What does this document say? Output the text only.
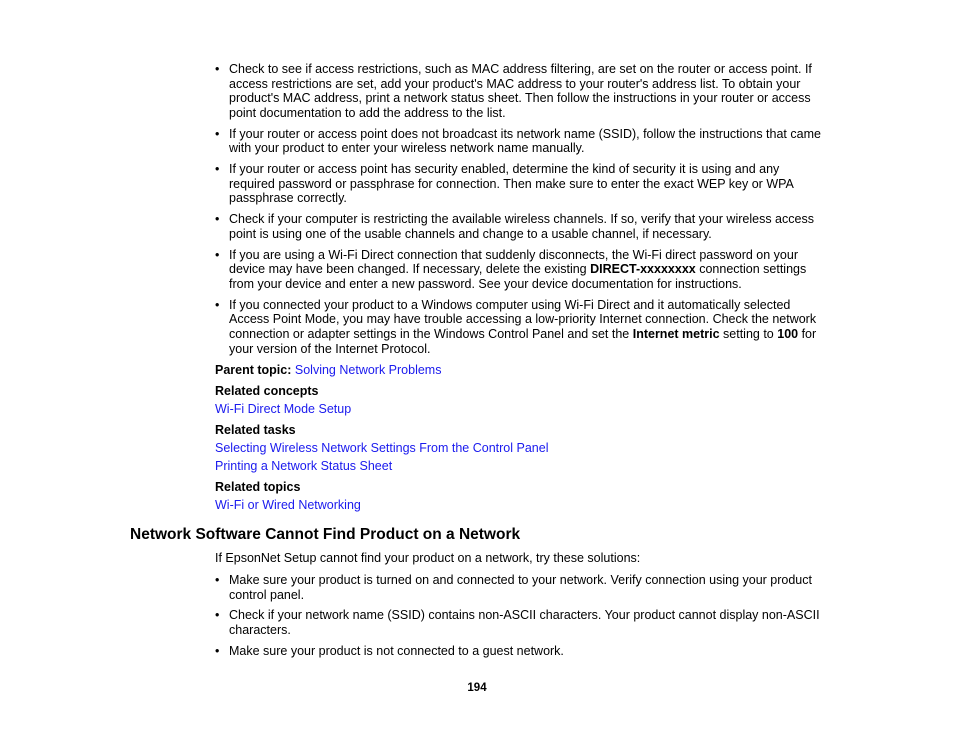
• Check to see if access restrictions, such as MAC address filtering, are set on the router or access point. If access restrictions are set, add your product's MAC address to your router's address list. To obtain your product's MAC address, print a network status sheet. Then follow the instructions in your router or access point documentation to add the address to the list.
• If your router or access point does not broadcast its network name (SSID), follow the instructions that came with your product to enter your wireless network name manually.
• If your router or access point has security enabled, determine the kind of security it is using and any required password or passphrase for connection. Then make sure to enter the exact WEP key or WPA passphrase correctly.
• Check if your computer is restricting the available wireless channels. If so, verify that your wireless access point is using one of the usable channels and change to a usable channel, if necessary.
• If you are using a Wi-Fi Direct connection that suddenly disconnects, the Wi-Fi direct password on your device may have been changed. If necessary, delete the existing DIRECT-xxxxxxxx connection settings from your device and enter a new password. See your device documentation for instructions.
• If you connected your product to a Windows computer using Wi-Fi Direct and it automatically selected Access Point Mode, you may have trouble accessing a low-priority Internet connection. Check the network connection or adapter settings in the Windows Control Panel and set the Internet metric setting to 100 for your version of the Internet Protocol.
Parent topic: Solving Network Problems
Related concepts
Wi-Fi Direct Mode Setup
Related tasks
Selecting Wireless Network Settings From the Control Panel
Printing a Network Status Sheet
Related topics
Wi-Fi or Wired Networking
Network Software Cannot Find Product on a Network
If EpsonNet Setup cannot find your product on a network, try these solutions:
• Make sure your product is turned on and connected to your network. Verify connection using your product control panel.
• Check if your network name (SSID) contains non-ASCII characters. Your product cannot display non-ASCII characters.
• Make sure your product is not connected to a guest network.
194
